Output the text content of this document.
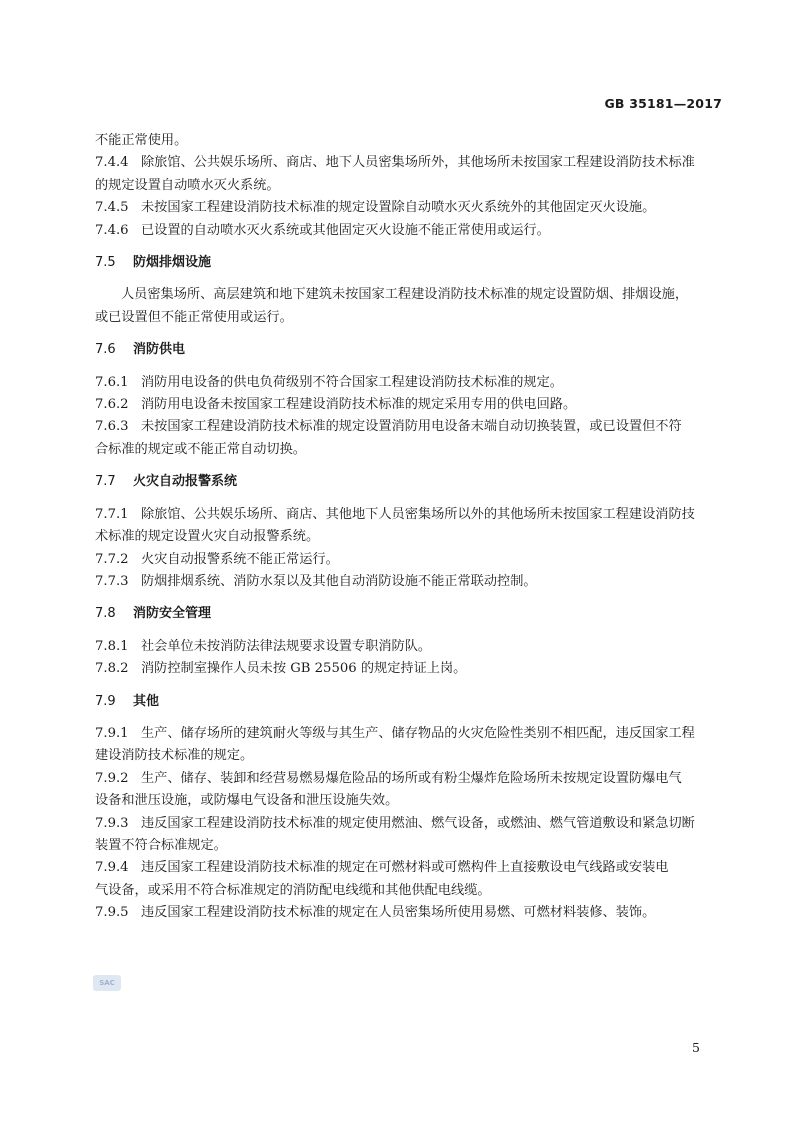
GB 35181—2017
不能正常使用。
7.4.4 除旅馆、公共娱乐场所、商店、地下人员密集场所外，其他场所未按国家工程建设消防技术标准
的规定设置自动喷水灭火系统。
7.4.5 未按国家工程建设消防技术标准的规定设置除自动喷水灭火系统外的其他固定灭火设施。
7.4.6 已设置的自动喷水灭火系统或其他固定灭火设施不能正常使用或运行。
7.5 防烟排烟设施
人员密集场所、高层建筑和地下建筑未按国家工程建设消防技术标准的规定设置防烟、排烟设施，
或已设置但不能正常使用或运行。
7.6 消防供电
7.6.1 消防用电设备的供电负荷级别不符合国家工程建设消防技术标准的规定。
7.6.2 消防用电设备未按国家工程建设消防技术标准的规定采用专用的供电回路。
7.6.3 未按国家工程建设消防技术标准的规定设置消防用电设备末端自动切换装置，或已设置但不符
合标准的规定或不能正常自动切换。
7.7 火灾自动报警系统
7.7.1 除旅馆、公共娱乐场所、商店、其他地下人员密集场所以外的其他场所未按国家工程建设消防技
术标准的规定设置火灾自动报警系统。
7.7.2 火灾自动报警系统不能正常运行。
7.7.3 防烟排烟系统、消防水泵以及其他自动消防设施不能正常联动控制。
7.8 消防安全管理
7.8.1 社会单位未按消防法律法规要求设置专职消防队。
7.8.2 消防控制室操作人员未按 GB 25506 的规定持证上岗。
7.9 其他
7.9.1 生产、储存场所的建筑耐火等级与其生产、储存物品的火灾危险性类别不相匹配，违反国家工程
建设消防技术标准的规定。
7.9.2 生产、储存、装卸和经营易燃易爆危险品的场所或有粉尘爆炸危险场所未按规定设置防爆电气
设备和泄压设施，或防爆电气设备和泄压设施失效。
7.9.3 违反国家工程建设消防技术标准的规定使用燃油、燃气设备，或燃油、燃气管道敷设和紧急切断
装置不符合标准规定。
7.9.4 违反国家工程建设消防技术标准的规定在可燃材料或可燃构件上直接敷设电气线路或安装电
气设备，或采用不符合标准规定的消防配电线缆和其他供配电线缆。
7.9.5 违反国家工程建设消防技术标准的规定在人员密集场所使用易燃、可燃材料装修、装饰。
SAC
5
